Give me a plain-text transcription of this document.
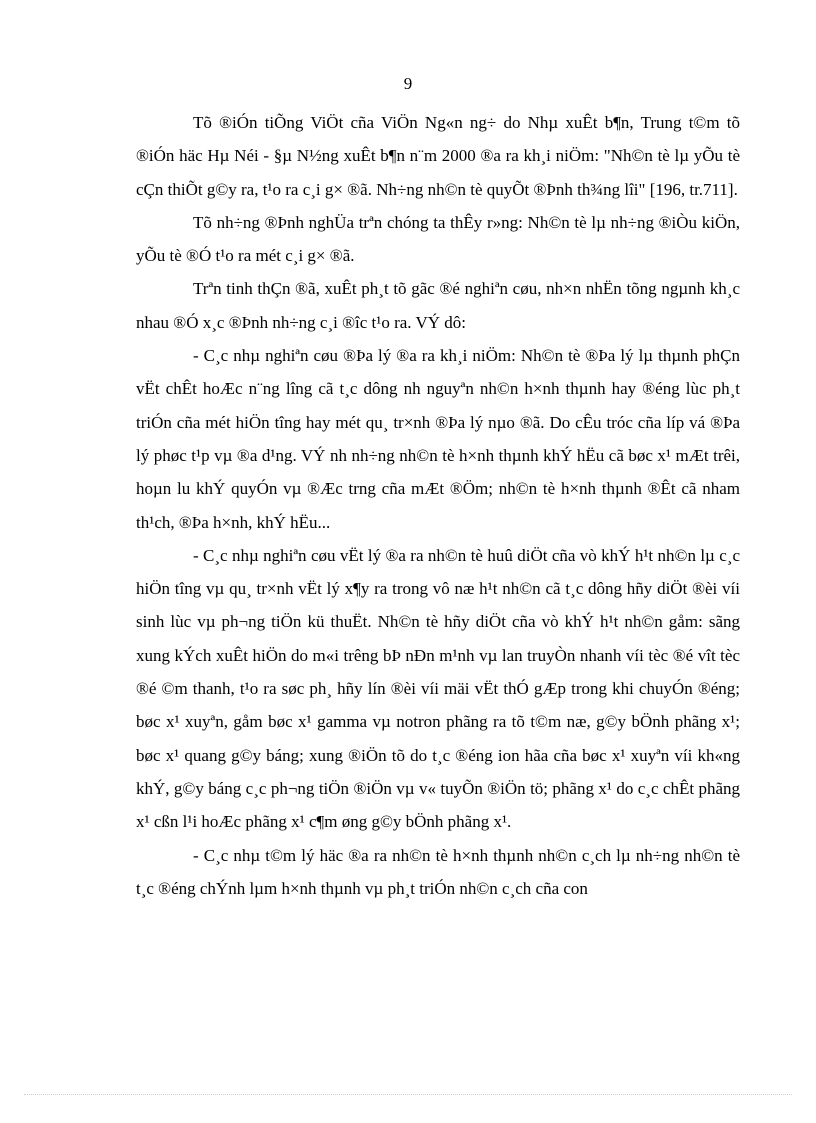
9

Tõ ®iÓn tiÕng ViÖt cña ViÖn Ng«n ng÷ do Nhµ xuÊt b¶n, Trung t©m tõ ®iÓn häc Hµ Néi - §µ N½ng xuÊt b¶n n¨m 2000 ®a ra kh¸i niÖm: "Nh©n tè lµ yÕu tè cÇn thiÕt g©y ra, t¹o ra c¸i g× ®ã. Nh÷ng nh©n tè quyÕt ®Þnh th¾ng lîi" [196, tr.711].

Tõ nh÷ng ®Þnh nghÜa trªn chóng ta thÊy r»ng: Nh©n tè lµ nh÷ng ®iÒu kiÖn, yÕu tè ®Ó t¹o ra mét c¸i g× ®ã.

Trªn tinh thÇn ®ã, xuÊt ph¸t tõ gãc ®é nghiªn cøu, nh×n nhËn tõng ngµnh kh¸c nhau ®Ó x¸c ®Þnh nh÷ng c¸i ®îc t¹o ra. VÝ dô:

- C¸c nhµ nghiªn cøu ®Þa lý ®a ra kh¸i niÖm: Nh©n tè ®Þa lý lµ thµnh phÇn vËt chÊt hoÆc n¨ng lîng cã t¸c dông nh nguyªn nh©n h×nh thµnh hay ®éng lùc ph¸t triÓn cña mét hiÖn tîng hay mét qu¸ tr×nh ®Þa lý nµo ®ã. Do cÊu tróc cña líp vá ®Þa lý phøc t¹p vµ ®a d¹ng. VÝ nh nh÷ng nh©n tè h×nh thµnh khÝ hËu cã bøc x¹ mÆt trêi, hoµn lu khÝ quyÓn vµ ®Æc trng cña mÆt ®Öm; nh©n tè h×nh thµnh ®Êt cã nham th¹ch, ®Þa h×nh, khÝ hËu...

- C¸c nhµ nghiªn cøu vËt lý ®a ra nh©n tè huû diÖt cña vò khÝ h¹t nh©n lµ c¸c hiÖn tîng vµ qu¸ tr×nh vËt lý x¶y ra trong vô næ h¹t nh©n cã t¸c dông hñy diÖt ®èi víi sinh lùc vµ ph¬ng tiÖn kü thuËt. Nh©n tè hñy diÖt cña vò khÝ h¹t nh©n gåm: sãng xung kÝch xuÊt hiÖn do m«i trêng bÞ nÐn m¹nh vµ lan truyÒn nhanh víi tèc ®é vît tèc ®é ©m thanh, t¹o ra søc ph¸ hñy lín ®èi víi mäi vËt thÓ gÆp trong khi chuyÓn ®éng; bøc x¹ xuyªn, gåm bøc x¹ gamma vµ notron phãng ra tõ t©m næ, g©y bÖnh phãng x¹; bøc x¹ quang g©y báng; xung ®iÖn tõ do t¸c ®éng ion hãa cña bøc x¹ xuyªn víi kh«ng khÝ, g©y báng c¸c ph¬ng tiÖn ®iÖn vµ v« tuyÕn ®iÖn tö; phãng x¹ do c¸c chÊt phãng x¹ cßn l¹i hoÆc phãng x¹ c¶m øng g©y bÖnh phãng x¹.

- C¸c nhµ t©m lý häc ®a ra nh©n tè h×nh thµnh nh©n c¸ch lµ nh÷ng nh©n tè t¸c ®éng chÝnh lµm h×nh thµnh vµ ph¸t triÓn nh©n c¸ch cña con
